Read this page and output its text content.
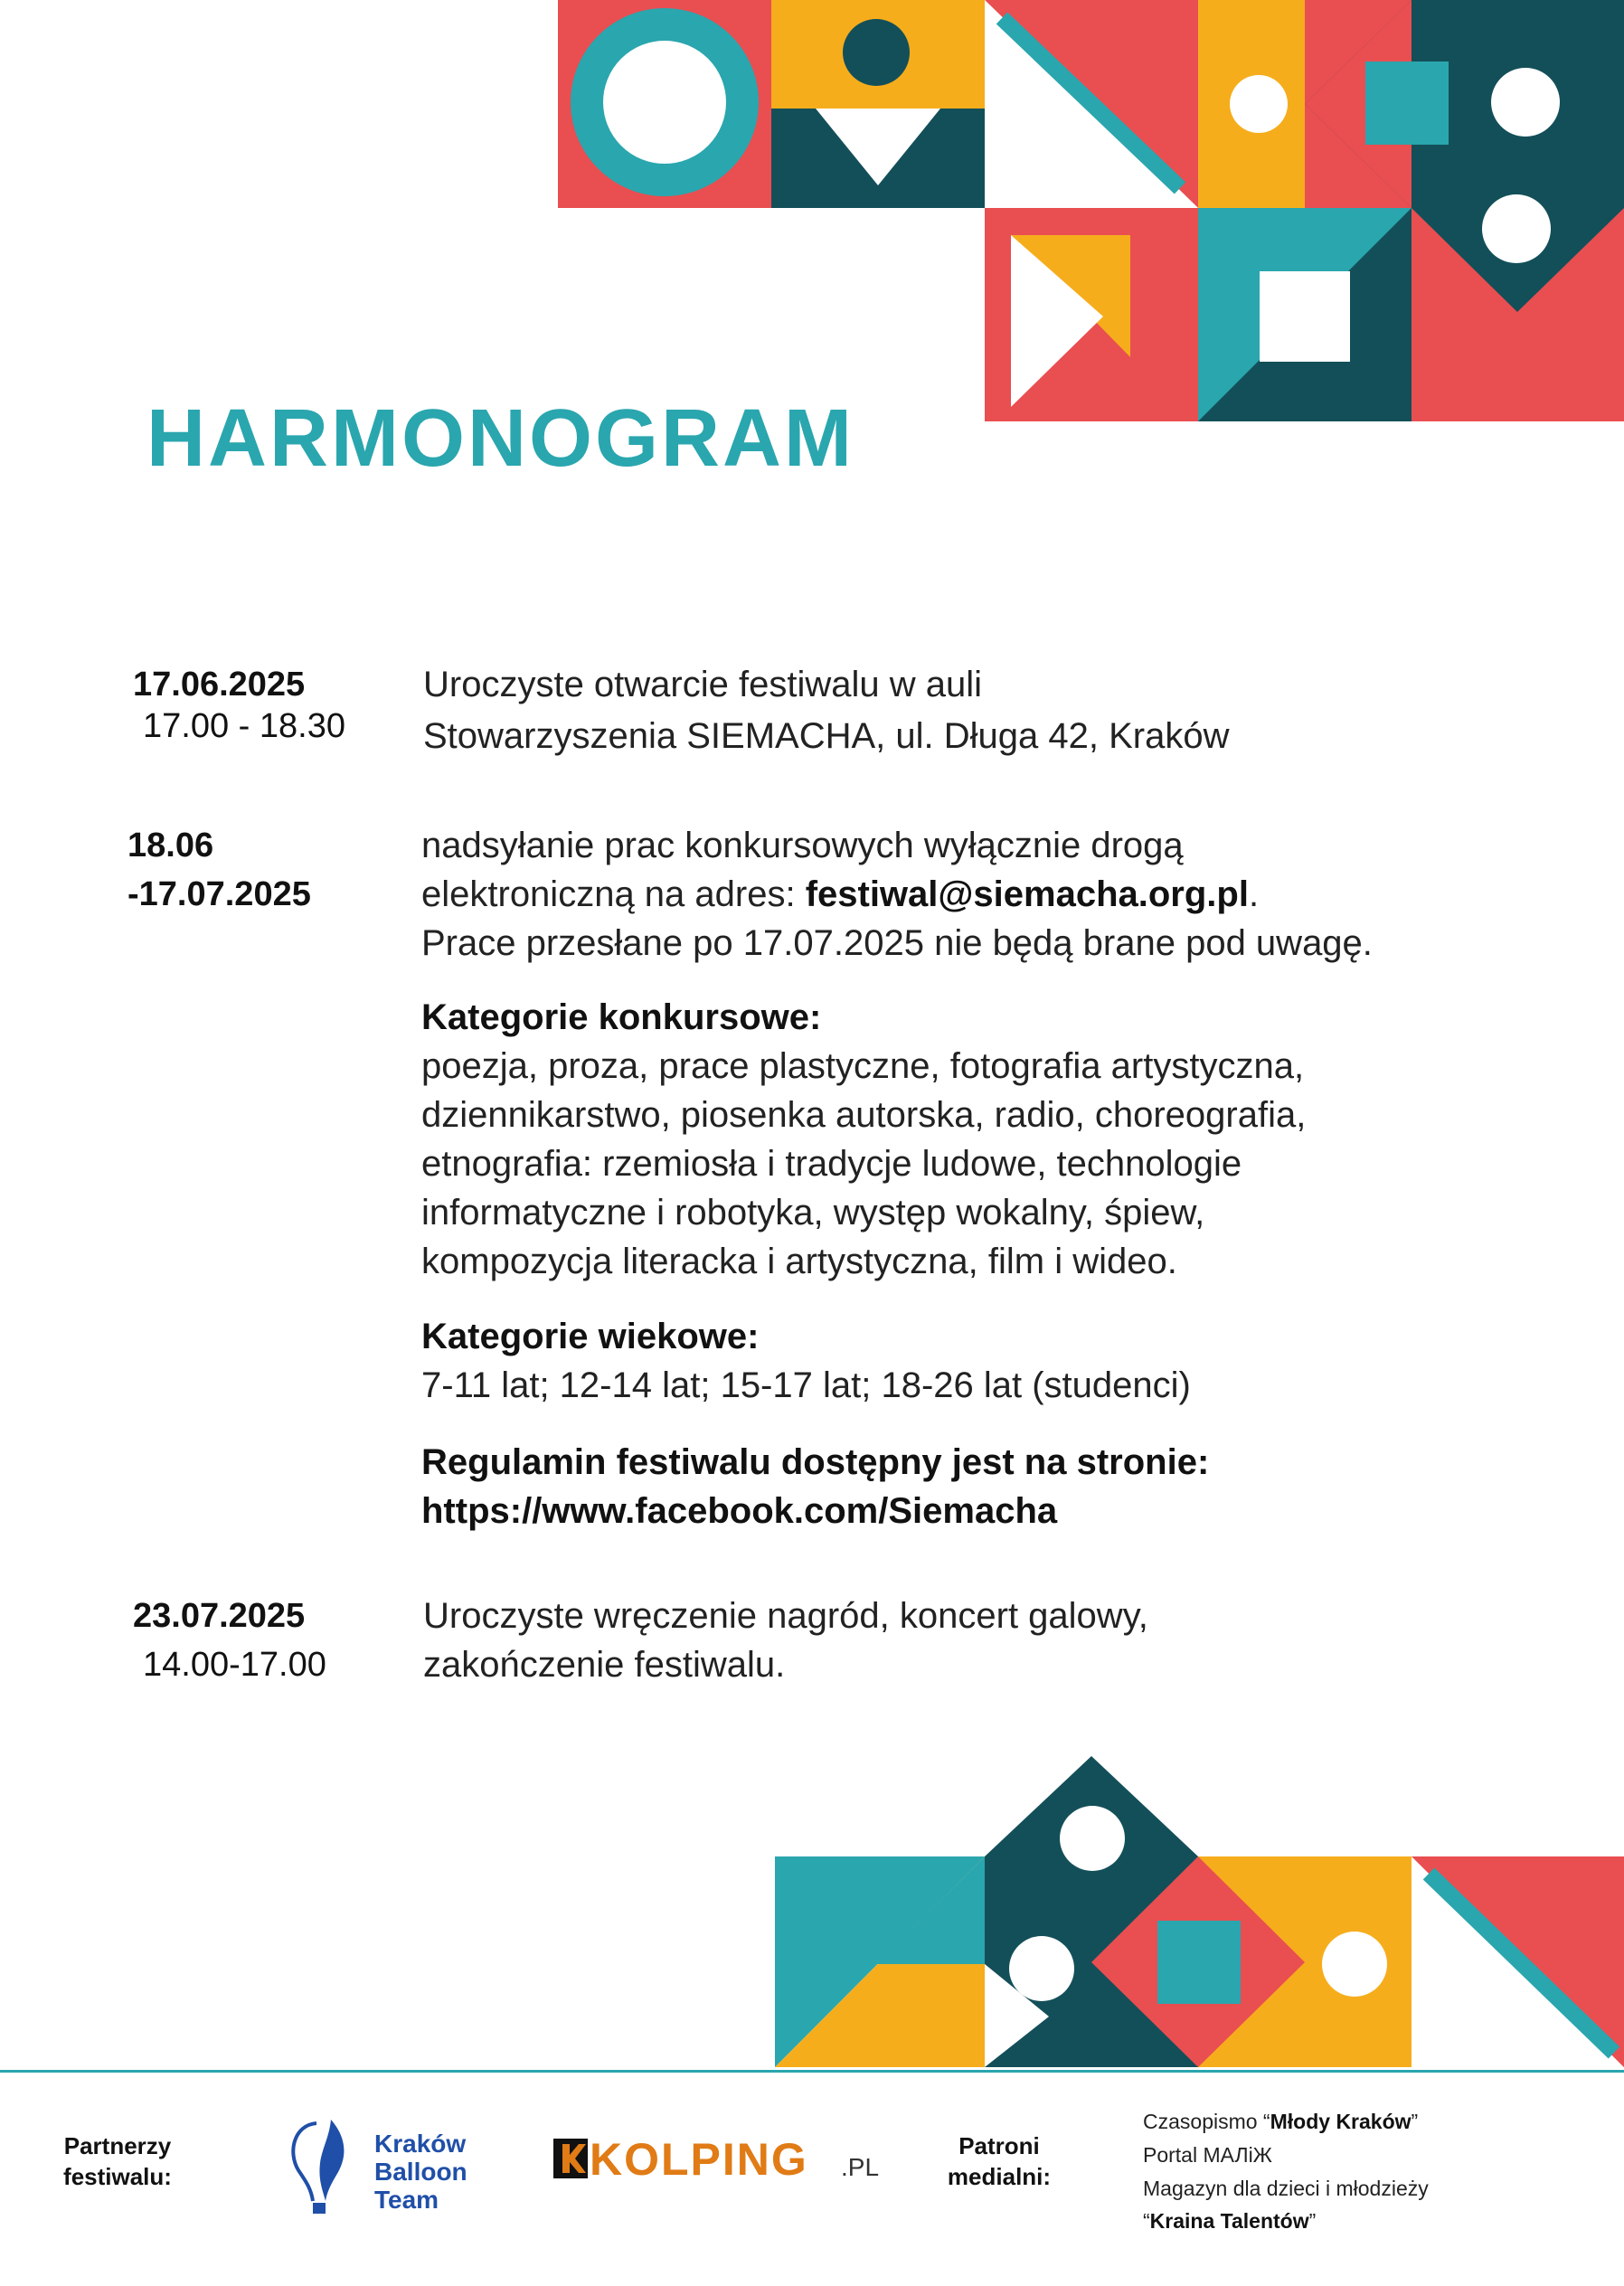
HARMONOGRAM
17.06.2025
17.00 - 18.30
Uroczyste otwarcie festiwalu w auli
Stowarzyszenia SIEMACHA, ul. Długa 42, Kraków
18.06
-17.07.2025
nadsyłanie prac konkursowych wyłącznie drogą
elektroniczną na adres: festiwal@siemacha.org.pl.
Prace przesłane po 17.07.2025 nie będą brane pod uwagę.
Kategorie konkursowe:
poezja, proza, prace plastyczne, fotografia artystyczna,
dziennikarstwo, piosenka autorska, radio, choreografia,
etnografia: rzemiosła i tradycje ludowe, technologie
informatyczne i robotyka, występ wokalny, śpiew,
kompozycja literacka i artystyczna, film i wideo.
Kategorie wiekowe:
7-11 lat; 12-14 lat; 15-17 lat; 18-26 lat (studenci)
Regulamin festiwalu dostępny jest na stronie:
https://www.facebook.com/Siemacha
23.07.2025
14.00-17.00
Uroczyste wręczenie nagród, koncert galowy,
zakończenie festiwalu.
Partnerzy
festiwalu:
Kraków
Balloon
Team
KOLPING .PL
Patroni
medialni:
Czasopismo “Młody Kraków”
Portal МАЛіЖ
Magazyn dla dzieci i młodzieży
“Kraina Talentów”
